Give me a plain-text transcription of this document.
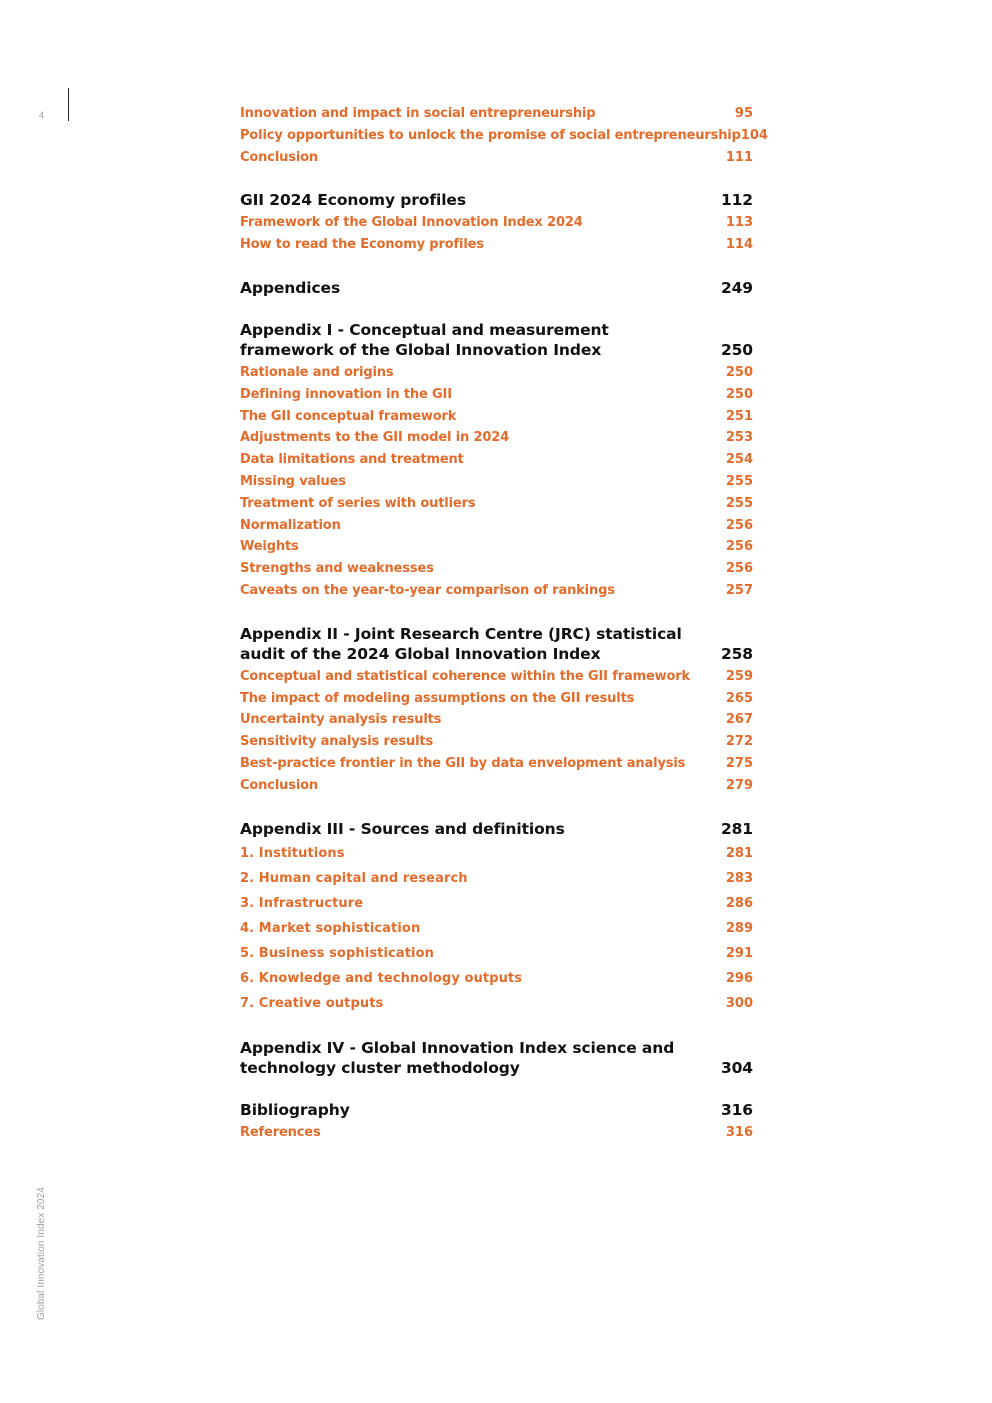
4
Global Innovation Index 2024
Innovation and impact in social entrepreneurship	95
Policy opportunities to unlock the promise of social entrepreneurship 104
Conclusion	111
GII 2024 Economy profiles	112
Framework of the Global Innovation Index 2024	113
How to read the Economy profiles	114
Appendices	249
Appendix I - Conceptual and measurement
framework of the Global Innovation Index	250
Rationale and origins	250
Defining innovation in the GII	250
The GII conceptual framework	251
Adjustments to the GII model in 2024	253
Data limitations and treatment	254
Missing values	255
Treatment of series with outliers	255
Normalization	256
Weights	256
Strengths and weaknesses	256
Caveats on the year-to-year comparison of rankings	257
Appendix II - Joint Research Centre (JRC) statistical
audit of the 2024 Global Innovation Index	258
Conceptual and statistical coherence within the GII framework	259
The impact of modeling assumptions on the GII results	265
Uncertainty analysis results	267
Sensitivity analysis results	272
Best-practice frontier in the GII by data envelopment analysis	275
Conclusion	279
Appendix III - Sources and definitions	281
1. Institutions	281
2. Human capital and research	283
3. Infrastructure	286
4. Market sophistication	289
5. Business sophistication	291
6. Knowledge and technology outputs	296
7. Creative outputs	300
Appendix IV - Global Innovation Index science and
technology cluster methodology	304
Bibliography	316
References	316
